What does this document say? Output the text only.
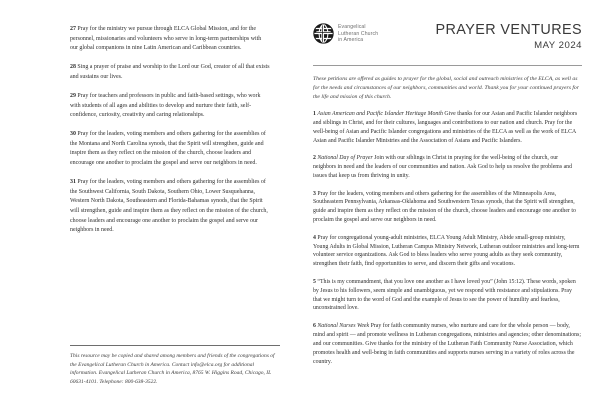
27 Pray for the ministry we pursue through ELCA Global Mission, and for the personnel, missionaries and volunteers who serve in long-term partnerships with our global companions in nine Latin American and Caribbean countries.
28 Sing a prayer of praise and worship to the Lord our God, creator of all that exists and sustains our lives.
29 Pray for teachers and professors in public and faith-based settings, who work with students of all ages and abilities to develop and nurture their faith, self-confidence, curiosity, creativity and caring relationships.
30 Pray for the leaders, voting members and others gathering for the assemblies of the Montana and North Carolina synods, that the Spirit will strengthen, guide and inspire them as they reflect on the mission of the church, choose leaders and encourage one another to proclaim the gospel and serve our neighbors in need.
31 Pray for the leaders, voting members and others gathering for the assemblies of the Southwest California, South Dakota, Southern Ohio, Lower Susquehanna, Western North Dakota, Southeastern and Florida-Bahamas synods, that the Spirit will strengthen, guide and inspire them as they reflect on the mission of the church, choose leaders and encourage one another to proclaim the gospel and serve our neighbors in need.
This resource may be copied and shared among members and friends of the congregations of the Evangelical Lutheran Church in America. Contact info@elca.org for additional information. Evangelical Lutheran Church in America, 8765 W. Higgins Road, Chicago, IL 60631-4101. Telephone: 800-638-3522.
Evangelical
Lutheran Church
in America
PRAYER VENTURES
MAY 2024
These petitions are offered as guides to prayer for the global, social and outreach ministries of the ELCA, as well as for the needs and circumstances of our neighbors, communities and world. Thank you for your continued prayers for the life and mission of this church.
1 Asian American and Pacific Islander Heritage Month Give thanks for our Asian and Pacific Islander neighbors and siblings in Christ, and for their cultures, languages and contributions to our nation and church. Pray for the well-being of Asian and Pacific Islander congregations and ministries of the ELCA as well as the work of ELCA Asian and Pacific Islander Ministries and the Association of Asians and Pacific Islanders.
2 National Day of Prayer Join with our siblings in Christ in praying for the well-being of the church, our neighbors in need and the leaders of our communities and nation. Ask God to help us resolve the problems and issues that keep us from thriving in unity.
3 Pray for the leaders, voting members and others gathering for the assemblies of the Minneapolis Area, Southeastern Pennsylvania, Arkansas-Oklahoma and Southwestern Texas synods, that the Spirit will strengthen, guide and inspire them as they reflect on the mission of the church, choose leaders and encourage one another to proclaim the gospel and serve our neighbors in need.
4 Pray for congregational young-adult ministries, ELCA Young Adult Ministry, Abide small-group ministry, Young Adults in Global Mission, Lutheran Campus Ministry Network, Lutheran outdoor ministries and long-term volunteer service organizations. Ask God to bless leaders who serve young adults as they seek community, strengthen their faith, find opportunities to serve, and discern their gifts and vocations.
5 “This is my commandment, that you love one another as I have loved you” (John 15:12). These words, spoken by Jesus to his followers, seem simple and unambiguous, yet we respond with resistance and stipulations. Pray that we might turn to the word of God and the example of Jesus to see the power of humility and fearless, unconstrained love.
6 National Nurses Week Pray for faith community nurses, who nurture and care for the whole person — body, mind and spirit — and promote wellness in Lutheran congregations, ministries and agencies; other denominations; and our communities. Give thanks for the ministry of the Lutheran Faith Community Nurse Association, which promotes health and well-being in faith communities and supports nurses serving in a variety of roles across the country.
